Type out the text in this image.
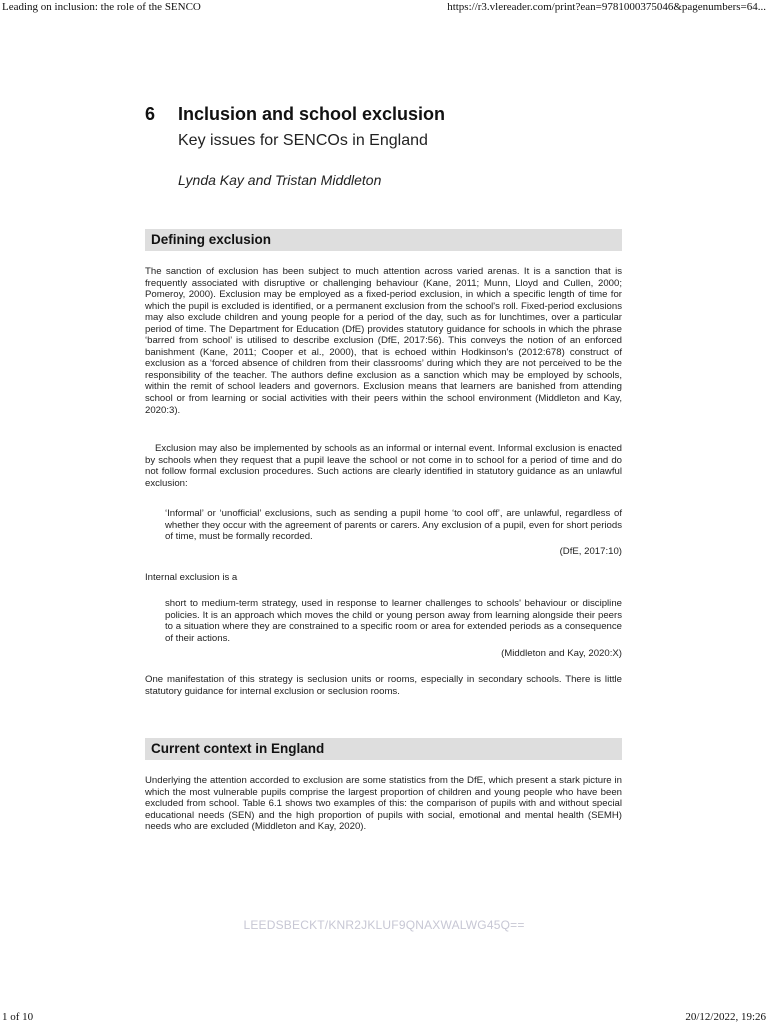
Leading on inclusion: the role of the SENCO	https://r3.vlereader.com/print?ean=9781000375046&pagenumbers=64...
6 Inclusion and school exclusion
Key issues for SENCOs in England
Lynda Kay and Tristan Middleton
Defining exclusion

The sanction of exclusion has been subject to much attention across varied arenas. It is a sanction that is frequently associated with disruptive or challenging behaviour (Kane, 2011; Munn, Lloyd and Cullen, 2000; Pomeroy, 2000). Exclusion may be employed as a fixed-period exclusion, in which a specific length of time for which the pupil is excluded is identified, or a permanent exclusion from the school's roll. Fixed-period exclusions may also exclude children and young people for a period of the day, such as for lunchtimes, over a particular period of time. The Department for Education (DfE) provides statutory guidance for schools in which the phrase ‘barred from school’ is utilised to describe exclusion (DfE, 2017:56). This conveys the notion of an enforced banishment (Kane, 2011; Cooper et al., 2000), that is echoed within Hodkinson's (2012:678) construct of exclusion as a ‘forced absence of children from their classrooms’ during which they are not perceived to be the responsibility of the teacher. The authors define exclusion as a sanction which may be employed by schools, within the remit of school leaders and governors. Exclusion means that learners are banished from attending school or from learning or social activities with their peers within the school environment (Middleton and Kay, 2020:3).

Exclusion may also be implemented by schools as an informal or internal event. Informal exclusion is enacted by schools when they request that a pupil leave the school or not come in to school for a period of time and do not follow formal exclusion procedures. Such actions are clearly identified in statutory guidance as an unlawful exclusion:

‘Informal’ or ‘unofficial’ exclusions, such as sending a pupil home ‘to cool off’, are unlawful, regardless of whether they occur with the agreement of parents or carers. Any exclusion of a pupil, even for short periods of time, must be formally recorded.

(DfE, 2017:10)

Internal exclusion is a

short to medium-term strategy, used in response to learner challenges to schools' behaviour or discipline policies. It is an approach which moves the child or young person away from learning alongside their peers to a situation where they are constrained to a specific room or area for extended periods as a consequence of their actions.

(Middleton and Kay, 2020:X)

One manifestation of this strategy is seclusion units or rooms, especially in secondary schools. There is little statutory guidance for internal exclusion or seclusion rooms.

Current context in England

Underlying the attention accorded to exclusion are some statistics from the DfE, which present a stark picture in which the most vulnerable pupils comprise the largest proportion of children and young people who have been excluded from school. Table 6.1 shows two examples of this: the comparison of pupils with and without special educational needs (SEN) and the high proportion of pupils with social, emotional and mental health (SEMH) needs who are excluded (Middleton and Kay, 2020).

LEEDSBECKT/KNR2JKLUF9QNAXWALWG45Q==
1 of 10	20/12/2022, 19:26
